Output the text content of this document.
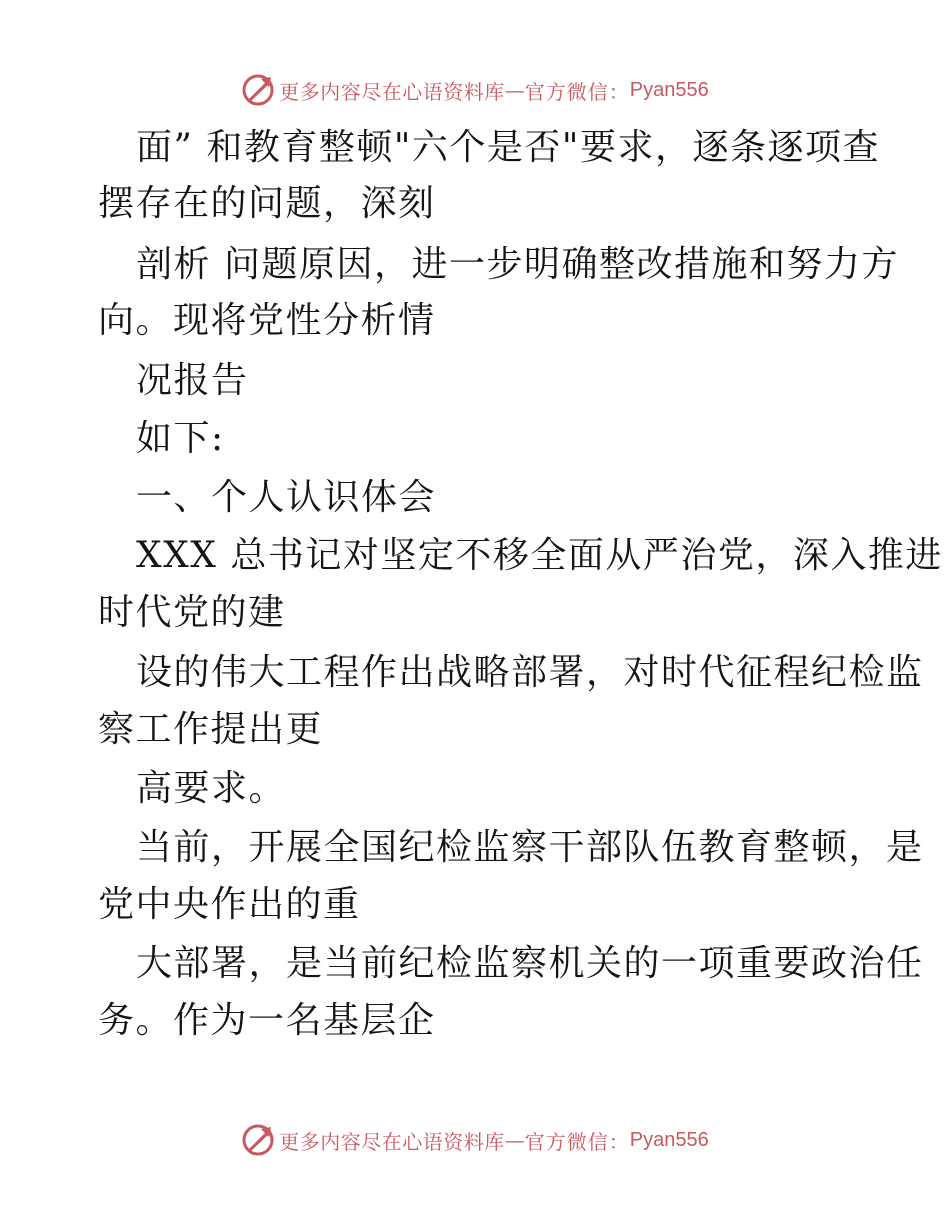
更多内容尽在心语资料库 — 官方微信： Pyan556
面” 和教育整顿"六个是否"要求，逐条逐项查
摆存在的问题，深刻
剖析 问题原因，进一步明确整改措施和努力方
向。现将党性分析情
况报告
如下:
一、个人认识体会
XXX 总书记对坚定不移全面从严治党，深入推进
时代党的建
设的伟大工程作出战略部署，对时代征程纪检监
察工作提出更
高要求。
当前，开展全国纪检监察干部队伍教育整顿，是
党中央作出的重
大部署，是当前纪检监察机关的一项重要政治任
务。作为一名基层企
更多内容尽在心语资料库 — 官方微信： Pyan556
